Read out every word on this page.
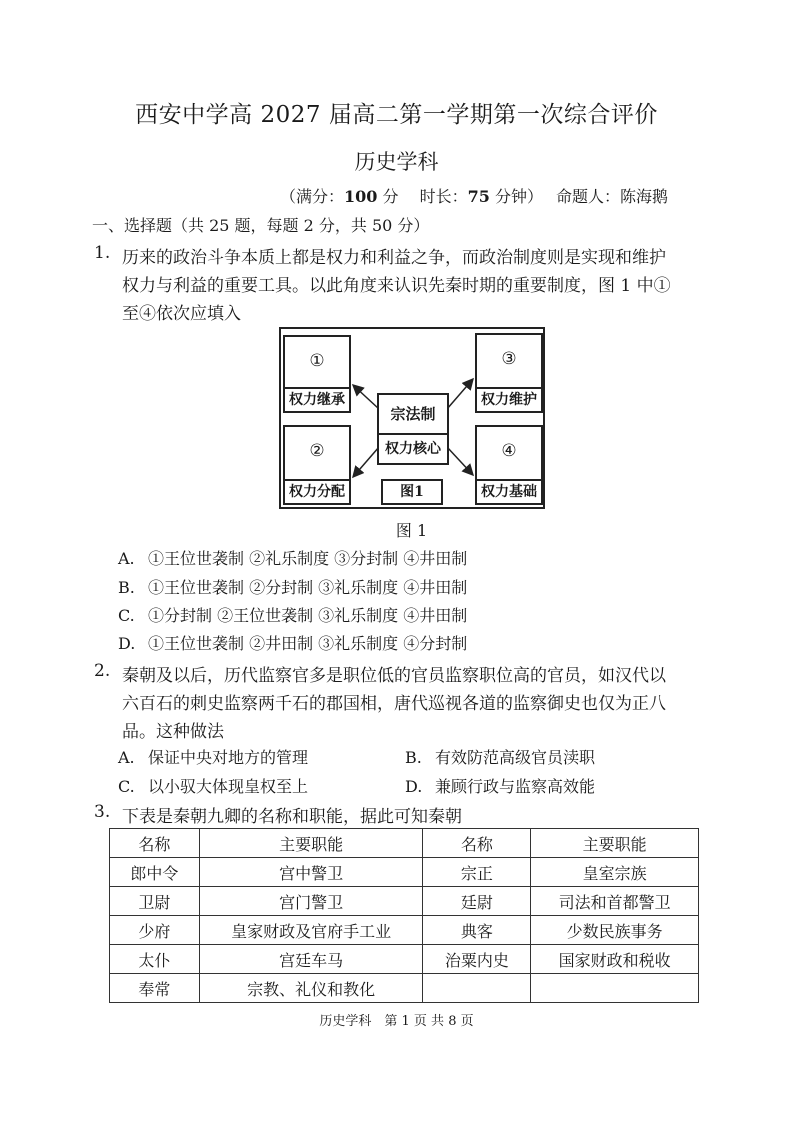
西安中学高 2027 届高二第一学期第一次综合评价
历史学科
（满分：100 分　 时长：75 分钟）　 命题人：陈海鹅
一、选择题（共 25 题，每题 2 分，共 50 分）
1. 历来的政治斗争本质上都是权力和利益之争，而政治制度则是实现和维护
权力与利益的重要工具。以此角度来认识先秦时期的重要制度，图 1 中①
至④依次应填入
①
权力继承
②
权力分配
③
权力维护
④
权力基础
宗法制
权力核心
图1
图 1
A. ①王位世袭制 ②礼乐制度 ③分封制 ④井田制
B. ①王位世袭制 ②分封制 ③礼乐制度 ④井田制
C. ①分封制 ②王位世袭制 ③礼乐制度 ④井田制
D. ①王位世袭制 ②井田制 ③礼乐制度 ④分封制
2. 秦朝及以后，历代监察官多是职位低的官员监察职位高的官员，如汉代以
六百石的刺史监察两千石的郡国相，唐代巡视各道的监察御史也仅为正八
品。这种做法
A. 保证中央对地方的管理	B. 有效防范高级官员渎职
C. 以小驭大体现皇权至上	D. 兼顾行政与监察高效能
3. 下表是秦朝九卿的名称和职能，据此可知秦朝
名称	主要职能	名称	主要职能
郎中令	宫中警卫	宗正	皇室宗族
卫尉	宫门警卫	廷尉	司法和首都警卫
少府	皇家财政及官府手工业	典客	少数民族事务
太仆	宫廷车马	治粟内史	国家财政和税收
奉常	宗教、礼仪和教化		
历史学科　第 1 页 共 8 页
